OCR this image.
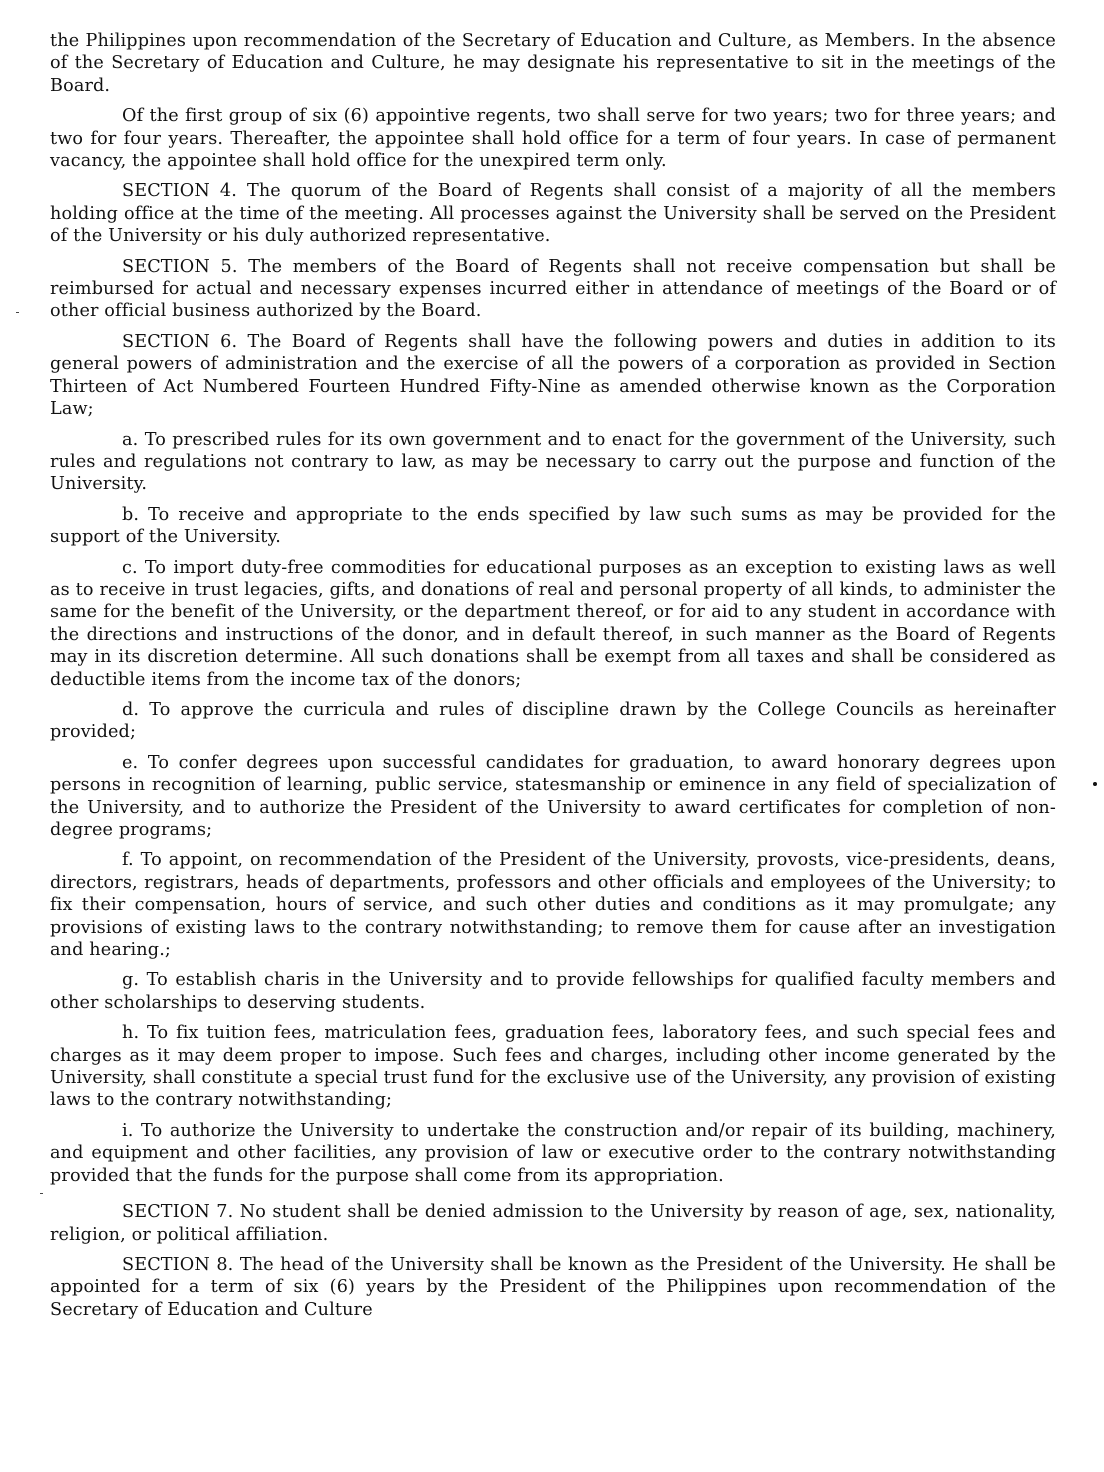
the Philippines upon recommendation of the Secretary of Education and Culture, as Members. In the absence of the Secretary of Education and Culture, he may designate his representative to sit in the meetings of the Board.

Of the first group of six (6) appointive regents, two shall serve for two years; two for three years; and two for four years. Thereafter, the appointee shall hold office for a term of four years. In case of permanent vacancy, the appointee shall hold office for the unexpired term only.

SECTION 4. The quorum of the Board of Regents shall consist of a majority of all the members holding office at the time of the meeting. All processes against the University shall be served on the President of the University or his duly authorized representative.

SECTION 5. The members of the Board of Regents shall not receive compensation but shall be reimbursed for actual and necessary expenses incurred either in attendance of meetings of the Board or of other official business authorized by the Board.

SECTION 6. The Board of Regents shall have the following powers and duties in addition to its general powers of administration and the exercise of all the powers of a corporation as provided in Section Thirteen of Act Numbered Fourteen Hundred Fifty-Nine as amended otherwise known as the Corporation Law;

a. To prescribed rules for its own government and to enact for the government of the University, such rules and regulations not contrary to law, as may be necessary to carry out the purpose and function of the University.

b. To receive and appropriate to the ends specified by law such sums as may be provided for the support of the University.

c. To import duty-free commodities for educational purposes as an exception to existing laws as well as to receive in trust legacies, gifts, and donations of real and personal property of all kinds, to administer the same for the benefit of the University, or the department thereof, or for aid to any student in accordance with the directions and instructions of the donor, and in default thereof, in such manner as the Board of Regents may in its discretion determine. All such donations shall be exempt from all taxes and shall be considered as deductible items from the income tax of the donors;

d. To approve the curricula and rules of discipline drawn by the College Councils as hereinafter provided;

e. To confer degrees upon successful candidates for graduation, to award honorary degrees upon persons in recognition of learning, public service, statesmanship or eminence in any field of specialization of the University, and to authorize the President of the University to award certificates for completion of non-degree programs;

f. To appoint, on recommendation of the President of the University, provosts, vice-presidents, deans, directors, registrars, heads of departments, professors and other officials and employees of the University; to fix their compensation, hours of service, and such other duties and conditions as it may promulgate; any provisions of existing laws to the contrary notwithstanding; to remove them for cause after an investigation and hearing.;

g. To establish charis in the University and to provide fellowships for qualified faculty members and other scholarships to deserving students.

h. To fix tuition fees, matriculation fees, graduation fees, laboratory fees, and such special fees and charges as it may deem proper to impose. Such fees and charges, including other income generated by the University, shall constitute a special trust fund for the exclusive use of the University, any provision of existing laws to the contrary notwithstanding;

i. To authorize the University to undertake the construction and/or repair of its building, machinery, and equipment and other facilities, any provision of law or executive order to the contrary notwithstanding provided that the funds for the purpose shall come from its appropriation.

SECTION 7. No student shall be denied admission to the University by reason of age, sex, nationality, religion, or political affiliation.

SECTION 8. The head of the University shall be known as the President of the University. He shall be appointed for a term of six (6) years by the President of the Philippines upon recommendation of the Secretary of Education and Culture
